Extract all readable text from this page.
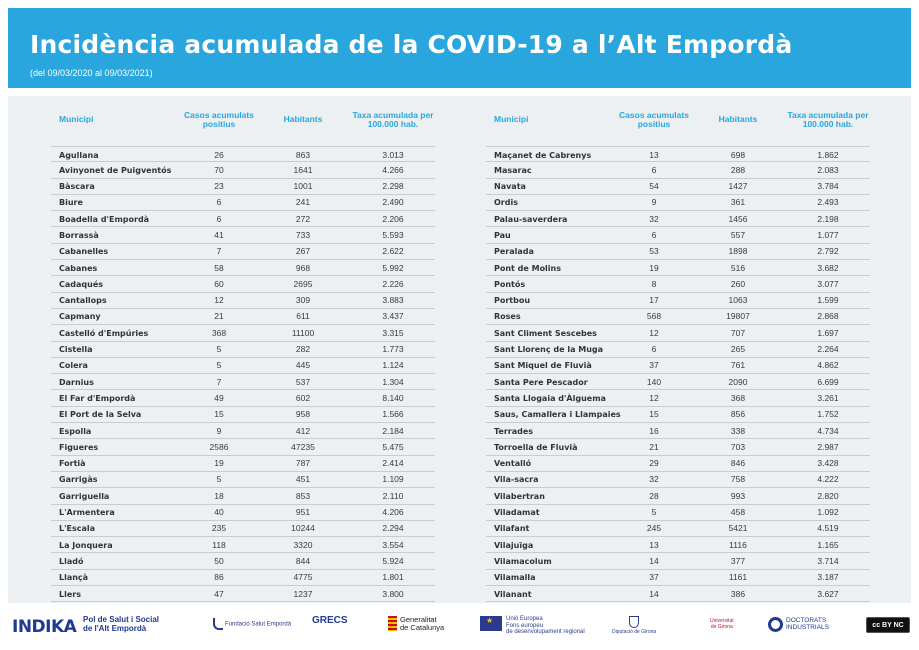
Incidència acumulada de la COVID-19 a l’Alt Empordà
(del 09/03/2020 al 09/03/2021)
Municipi	Casos acumulats positius	Habitants	Taxa acumulada per 100.000 hab.
Agullana	26	863	3.013
Avinyonet de Puigventós	70	1641	4.266
Bàscara	23	1001	2.298
Biure	6	241	2.490
Boadella d'Empordà	6	272	2.206
Borrassà	41	733	5.593
Cabanelles	7	267	2.622
Cabanes	58	968	5.992
Cadaqués	60	2695	2.226
Cantallops	12	309	3.883
Capmany	21	611	3.437
Castelló d'Empúries	368	11100	3.315
Cistella	5	282	1.773
Colera	5	445	1.124
Darnius	7	537	1.304
El Far d'Empordà	49	602	8.140
El Port de la Selva	15	958	1.566
Espolla	9	412	2.184
Figueres	2586	47235	5.475
Fortià	19	787	2.414
Garrigàs	5	451	1.109
Garriguella	18	853	2.110
L'Armentera	40	951	4.206
L'Escala	235	10244	2.294
La Jonquera	118	3320	3.554
Lladó	50	844	5.924
Llançà	86	4775	1.801
Llers	47	1237	3.800
Municipi	Casos acumulats positius	Habitants	Taxa acumulada per 100.000 hab.
Maçanet de Cabrenys	13	698	1.862
Masarac	6	288	2.083
Navata	54	1427	3.784
Ordis	9	361	2.493
Palau-saverdera	32	1456	2.198
Pau	6	557	1.077
Peralada	53	1898	2.792
Pont de Molins	19	516	3.682
Pontós	8	260	3.077
Portbou	17	1063	1.599
Roses	568	19807	2.868
Sant Climent Sescebes	12	707	1.697
Sant Llorenç de la Muga	6	265	2.264
Sant Miquel de Fluvià	37	761	4.862
Santa Pere Pescador	140	2090	6.699
Santa Llogaia d'Àlguema	12	368	3.261
Saus, Camallera i Llampaies	15	856	1.752
Terrades	16	338	4.734
Torroella de Fluvià	21	703	2.987
Ventalló	29	846	3.428
Vila-sacra	32	758	4.222
Vilabertran	28	993	2.820
Viladamat	5	458	1.092
Vilafant	245	5421	4.519
Vilajuïga	13	1116	1.165
Vilamacolum	14	377	3.714
Vilamalla	37	1161	3.187
Vilanant	14	386	3.627
INDIKA Pol de Salut i Social
de l'Alt Empordà	Fundació Salut Empordà GRECS	Generalitat
de Catalunya
★
Unió Europea
Fons europeu
de desenvolupament regional	Diputació de Girona
Universitat
de Girona
DOCTORATS
INDUSTRIALS	cc BY NC
